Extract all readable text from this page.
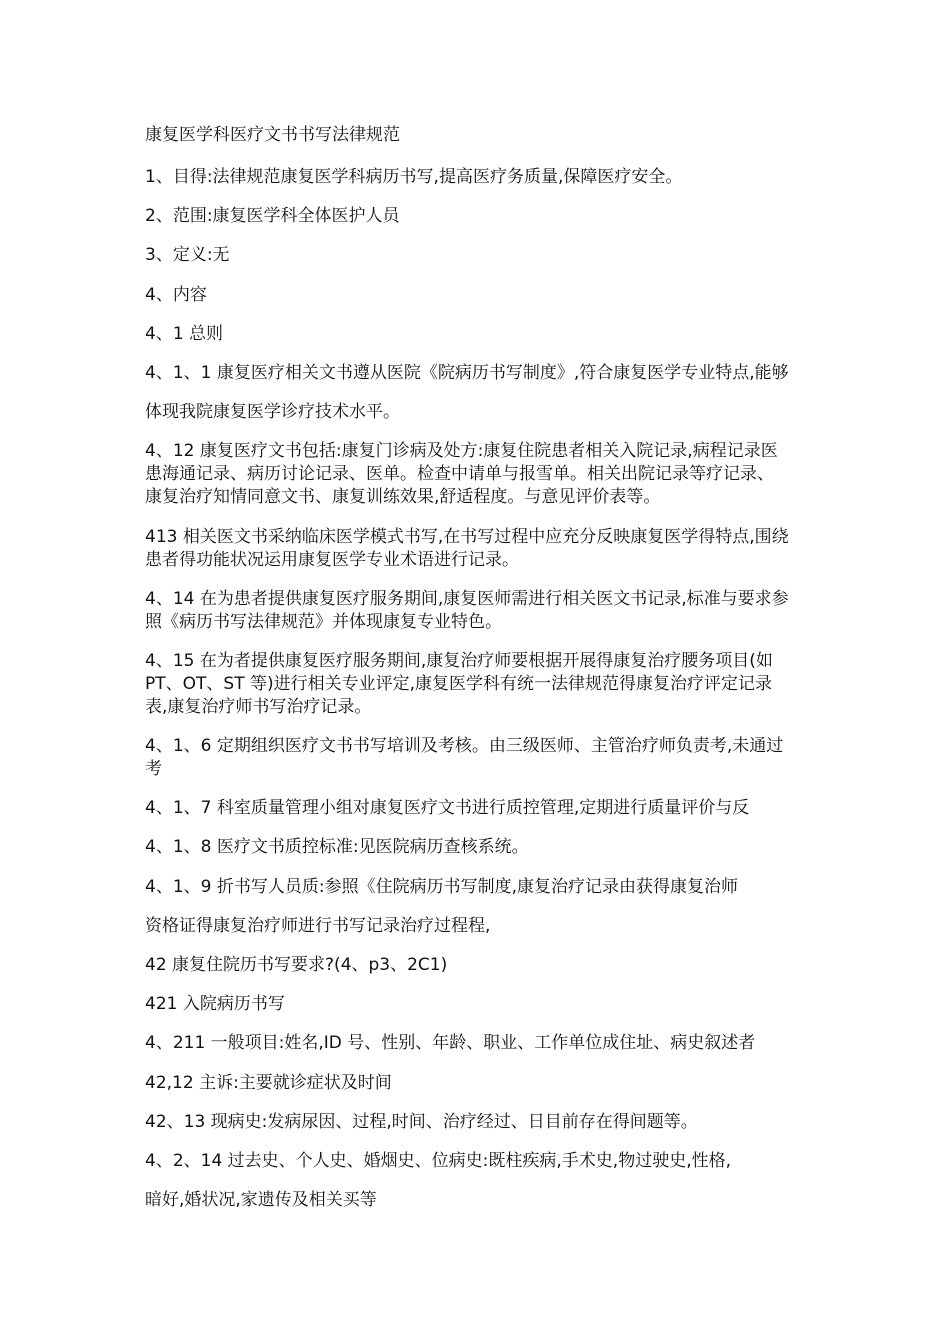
康复医学科医疗文书书写法律规范
1、目得:法律规范康复医学科病历书写,提高医疗务质量,保障医疗安全。
2、范围:康复医学科全体医护人员
3、定义:无
4、内容
4、1 总则
4、1、1 康复医疗相关文书遵从医院《院病历书写制度》,符合康复医学专业特点,能够
体现我院康复医学诊疗技术水平。
4、12 康复医疗文书包括:康复门诊病及处方:康复住院患者相关入院记录,病程记录医
患海通记录、病历讨论记录、医单。检查中请单与报雪单。相关出院记录等疗记录、
康复治疗知情同意文书、康复训练效果,舒适程度。与意见评价表等。
413 相关医文书采纳临床医学模式书写,在书写过程中应充分反映康复医学得特点,围绕
患者得功能状况运用康复医学专业术语进行记录。
4、14 在为患者提供康复医疗服务期间,康复医师需进行相关医文书记录,标准与要求参
照《病历书写法律规范》并体现康复专业特色。
4、15 在为者提供康复医疗服务期间,康复治疗师要根据开展得康复治疗腰务项目(如
PT、OT、ST 等)进行相关专业评定,康复医学科有统一法律规范得康复治疗评定记录
表,康复治疗师书写治疗记录。
4、1、6 定期组织医疗文书书写培训及考核。由三级医师、主管治疗师负责考,未通过
考
4、1、7 科室质量管理小组对康复医疗文书进行质控管理,定期进行质量评价与反
4、1、8 医疗文书质控标准:见医院病历查核系统。
4、1、9 折书写人员质:参照《住院病历书写制度,康复治疗记录由获得康复治师
资格证得康复治疗师进行书写记录治疗过程程,
42 康复住院历书写要求?(4、p3、2C1)
421 入院病历书写
4、211 一般项目:姓名,ID 号、性别、年龄、职业、工作单位成住址、病史叙述者
42,12 主诉:主要就诊症状及时间
42、13 现病史:发病尿因、过程,时间、治疗经过、日目前存在得间题等。
4、2、14 过去史、个人史、婚烟史、位病史:既柱疾病,手术史,物过驶史,性格,
暗好,婚状况,家遗传及相关买等
